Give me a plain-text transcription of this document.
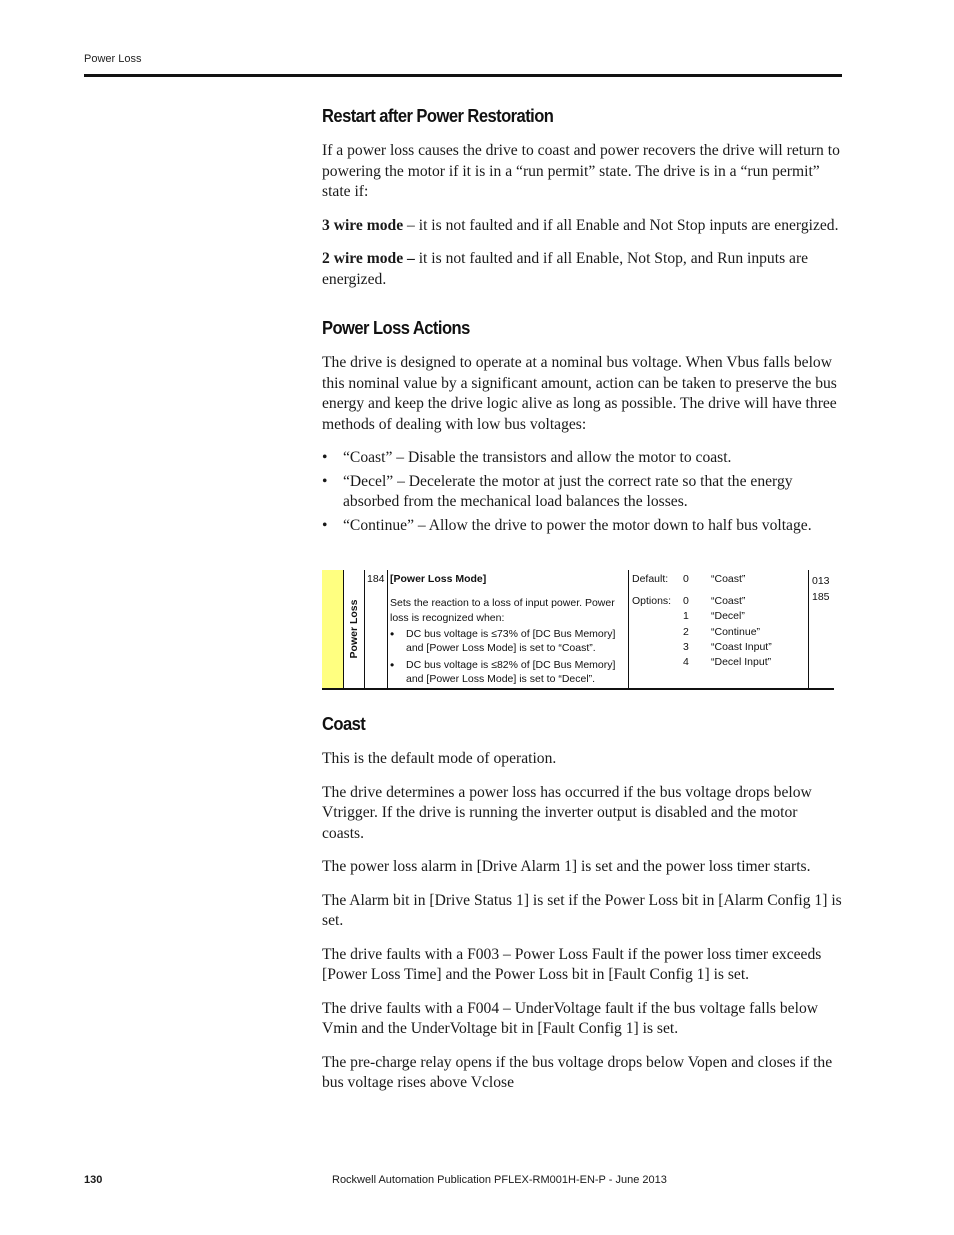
Power Loss
Restart after Power Restoration

If a power loss causes the drive to coast and power recovers the drive will return to powering the motor if it is in a “run permit” state. The drive is in a “run permit” state if:

3 wire mode – it is not faulted and if all Enable and Not Stop inputs are energized.

2 wire mode – it is not faulted and if all Enable, Not Stop, and Run inputs are energized.

Power Loss Actions

The drive is designed to operate at a nominal bus voltage. When Vbus falls below this nominal value by a significant amount, action can be taken to preserve the bus energy and keep the drive logic alive as long as possible. The drive will have three methods of dealing with low bus voltages:

• “Coast” – Disable the transistors and allow the motor to coast.
• “Decel” – Decelerate the motor at just the correct rate so that the energy absorbed from the mechanical load balances the losses.
• “Continue” – Allow the drive to power the motor down to half bus voltage.
Power Loss
184 [Power Loss Mode]
Sets the reaction to a loss of input power. Power loss is recognized when:
•	DC bus voltage is ≤73% of [DC Bus Memory] and [Power Loss Mode] is set to “Coast”.
•	DC bus voltage is ≤82% of [DC Bus Memory] and [Power Loss Mode] is set to “Decel”.
Default: 0 “Coast”
Options: 0 “Coast”
1 “Decel”
2 “Continue”
3 “Coast Input”
4 “Decel Input”
013
185
Coast

This is the default mode of operation.

The drive determines a power loss has occurred if the bus voltage drops below Vtrigger. If the drive is running the inverter output is disabled and the motor coasts.

The power loss alarm in [Drive Alarm 1] is set and the power loss timer starts.

The Alarm bit in [Drive Status 1] is set if the Power Loss bit in [Alarm Config 1] is set.

The drive faults with a F003 – Power Loss Fault if the power loss timer exceeds [Power Loss Time] and the Power Loss bit in [Fault Config 1] is set.

The drive faults with a F004 – UnderVoltage fault if the bus voltage falls below Vmin and the UnderVoltage bit in [Fault Config 1] is set.

The pre-charge relay opens if the bus voltage drops below Vopen and closes if the bus voltage rises above Vclose

130	Rockwell Automation Publication PFLEX-RM001H-EN-P - June 2013
